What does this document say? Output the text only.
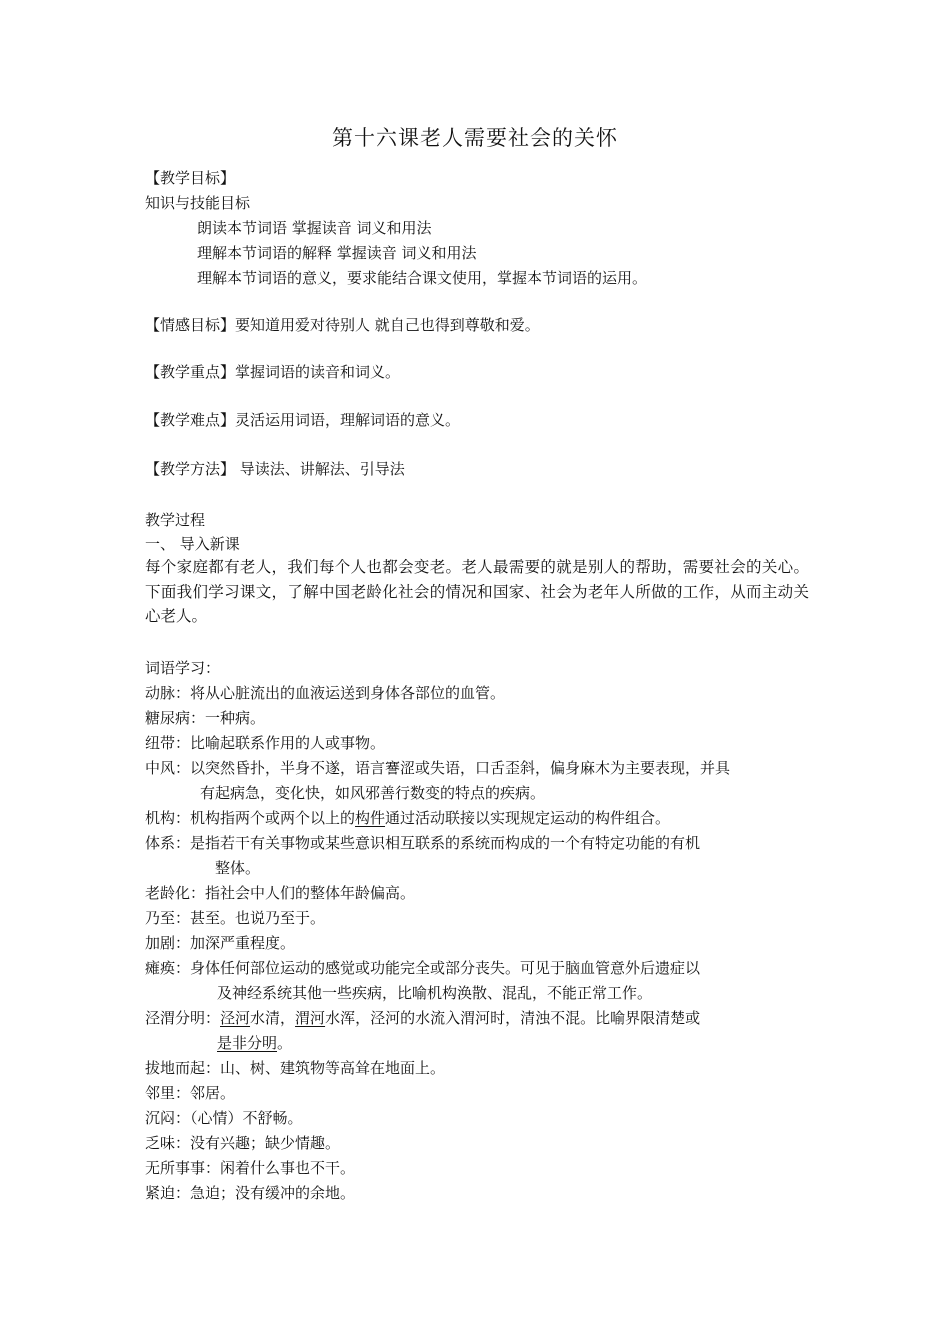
第十六课老人需要社会的关怀
【教学目标】
知识与技能目标
朗读本节词语 掌握读音 词义和用法
理解本节词语的解释 掌握读音 词义和用法
理解本节词语的意义，要求能结合课文使用，掌握本节词语的运用。
【情感目标】要知道用爱对待别人 就自己也得到尊敬和爱。
【教学重点】掌握词语的读音和词义。
【教学难点】灵活运用词语，理解词语的意义。
【教学方法】 导读法、讲解法、引导法
教学过程
一、 导入新课
每个家庭都有老人，我们每个人也都会变老。老人最需要的就是别人的帮助，需要社会的关心。下面我们学习课文，了解中国老龄化社会的情况和国家、社会为老年人所做的工作，从而主动关心老人。
词语学习：
动脉：将从心脏流出的血液运送到身体各部位的血管。
糖尿病：一种病。
纽带：比喻起联系作用的人或事物。
中风：以突然昏扑，半身不遂，语言謇涩或失语，口舌歪斜，偏身麻木为主要表现，并具
有起病急，变化快，如风邪善行数变的特点的疾病。
机构：机构指两个或两个以上的构件通过活动联接以实现规定运动的构件组合。
体系：是指若干有关事物或某些意识相互联系的系统而构成的一个有特定功能的有机
整体。
老龄化：指社会中人们的整体年龄偏高。
乃至：甚至。也说乃至于。
加剧：加深严重程度。
瘫痪：身体任何部位运动的感觉或功能完全或部分丧失。可见于脑血管意外后遗症以
及神经系统其他一些疾病，比喻机构涣散、混乱，不能正常工作。
泾渭分明：泾河水清，渭河水浑，泾河的水流入渭河时，清浊不混。比喻界限清楚或
是非分明。
拔地而起：山、树、建筑物等高耸在地面上。
邻里：邻居。
沉闷：（心情）不舒畅。
乏味：没有兴趣；缺少情趣。
无所事事：闲着什么事也不干。
紧迫：急迫；没有缓冲的余地。
